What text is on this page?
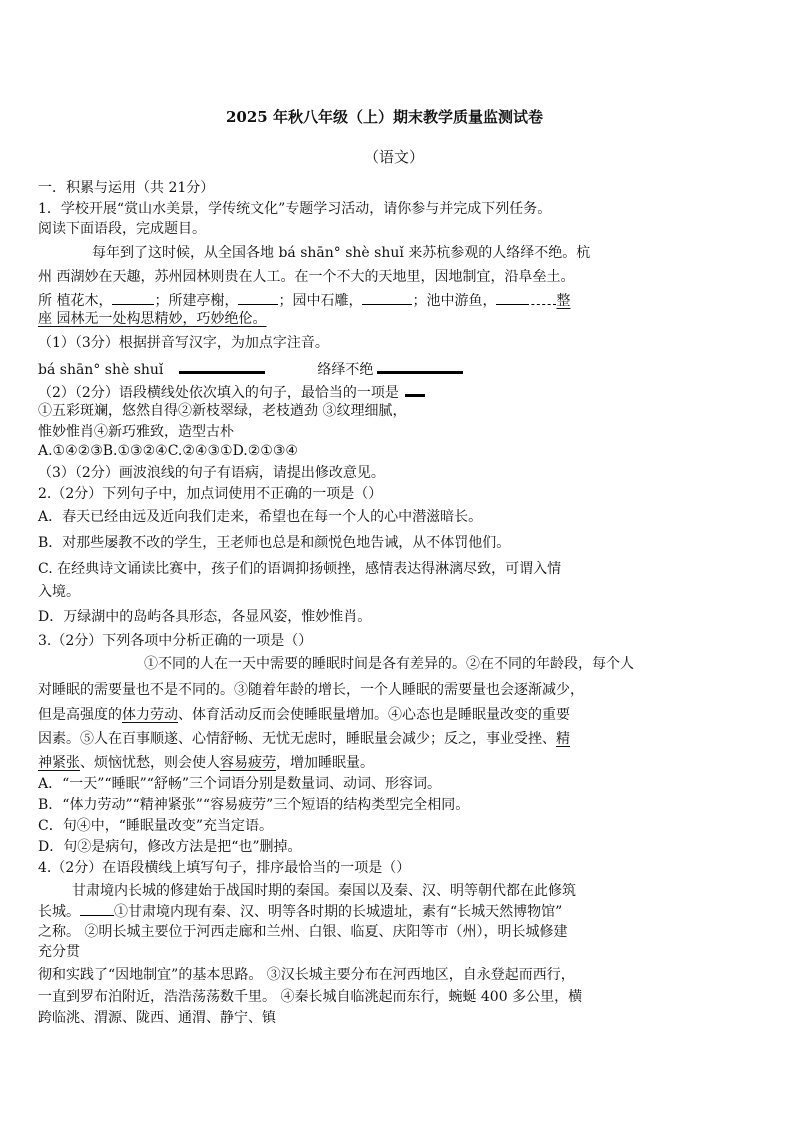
2025 年秋八年级（上）期末教学质量监测试卷
（语文）
一．积累与运用（共 21分）
1．学校开展“赏山水美景，学传统文化”专题学习活动，请你参与并完成下列任务。
阅读下面语段，完成题目。
每年到了这时候，从全国各地 bá shān° shè shuǐ 来苏杭参观的人络绎不绝。杭
州 西湖妙在天趣，苏州园林则贵在人工。在一个不大的天地里，因地制宜，沿阜垒土。
所 植花木，	；所建亭榭，	；园中石雕，	；池中游鱼，	整
座 园林无一处构思精妙，巧妙绝伦。
（1）（3分）根据拼音写汉字，为加点字注音。
bá shān° shè shuǐ	络绎不绝
（2）（2分）语段横线处依次填入的句子，最恰当的一项是
①五彩斑斓，悠然自得②新枝翠绿，老枝遒劲 ③纹理细腻，
惟妙惟肖④新巧雅致，造型古朴
A.①④②③B.①③②④C.②④③①D.②①③④
（3）（2分）画波浪线的句子有语病，请提出修改意见。
2.（2分）下列句子中，加点词使用不正确的一项是（）
A．春天已经由远及近向我们走来，希望也在每一个人的心中潜滋暗长。
B．对那些屡教不改的学生，王老师也总是和颜悦色地告诫，从不体罚他们。
C. 在经典诗文诵读比赛中，孩子们的语调抑扬顿挫，感情表达得淋漓尽致，可谓入情
入境。
D．万绿湖中的岛屿各具形态，各显风姿，惟妙惟肖。
3.（2分）下列各项中分析正确的一项是（）
①不同的人在一天中需要的睡眠时间是各有差异的。②在不同的年龄段，每个人
对睡眠的需要量也不是不同的。③随着年龄的增长，一个人睡眠的需要量也会逐渐减少，
但是高强度的体力劳动、体育活动反而会使睡眠量增加。④心态也是睡眠量改变的重要
因素。⑤人在百事顺遂、心情舒畅、无忧无虑时，睡眠量会减少；反之，事业受挫、精
神紧张、烦恼忧愁，则会使人容易疲劳，增加睡眠量。
A．“一天”“睡眠”“舒畅”三个词语分别是数量词、动词、形容词。
B．“体力劳动”“精神紧张”“容易疲劳”三个短语的结构类型完全相同。
C．句④中，“睡眠量改变”充当定语。
D．句②是病句，修改方法是把“也”删掉。
4.（2分）在语段横线上填写句子，排序最恰当的一项是（）
甘肃境内长城的修建始于战国时期的秦国。秦国以及秦、汉、明等朝代都在此修筑
长城。 ①甘肃境内现有秦、汉、明等各时期的长城遗址，素有“长城天然博物馆”
之称。 ②明长城主要位于河西走廊和兰州、白银、临夏、庆阳等市（州），明长城修建
充分贯
彻和实践了“因地制宜”的基本思路。 ③汉长城主要分布在河西地区，自永登起而西行，
一直到罗布泊附近，浩浩荡荡数千里。 ④秦长城自临洮起而东行，蜿蜒 400 多公里，横
跨临洮、渭源、陇西、通渭、静宁、镇
